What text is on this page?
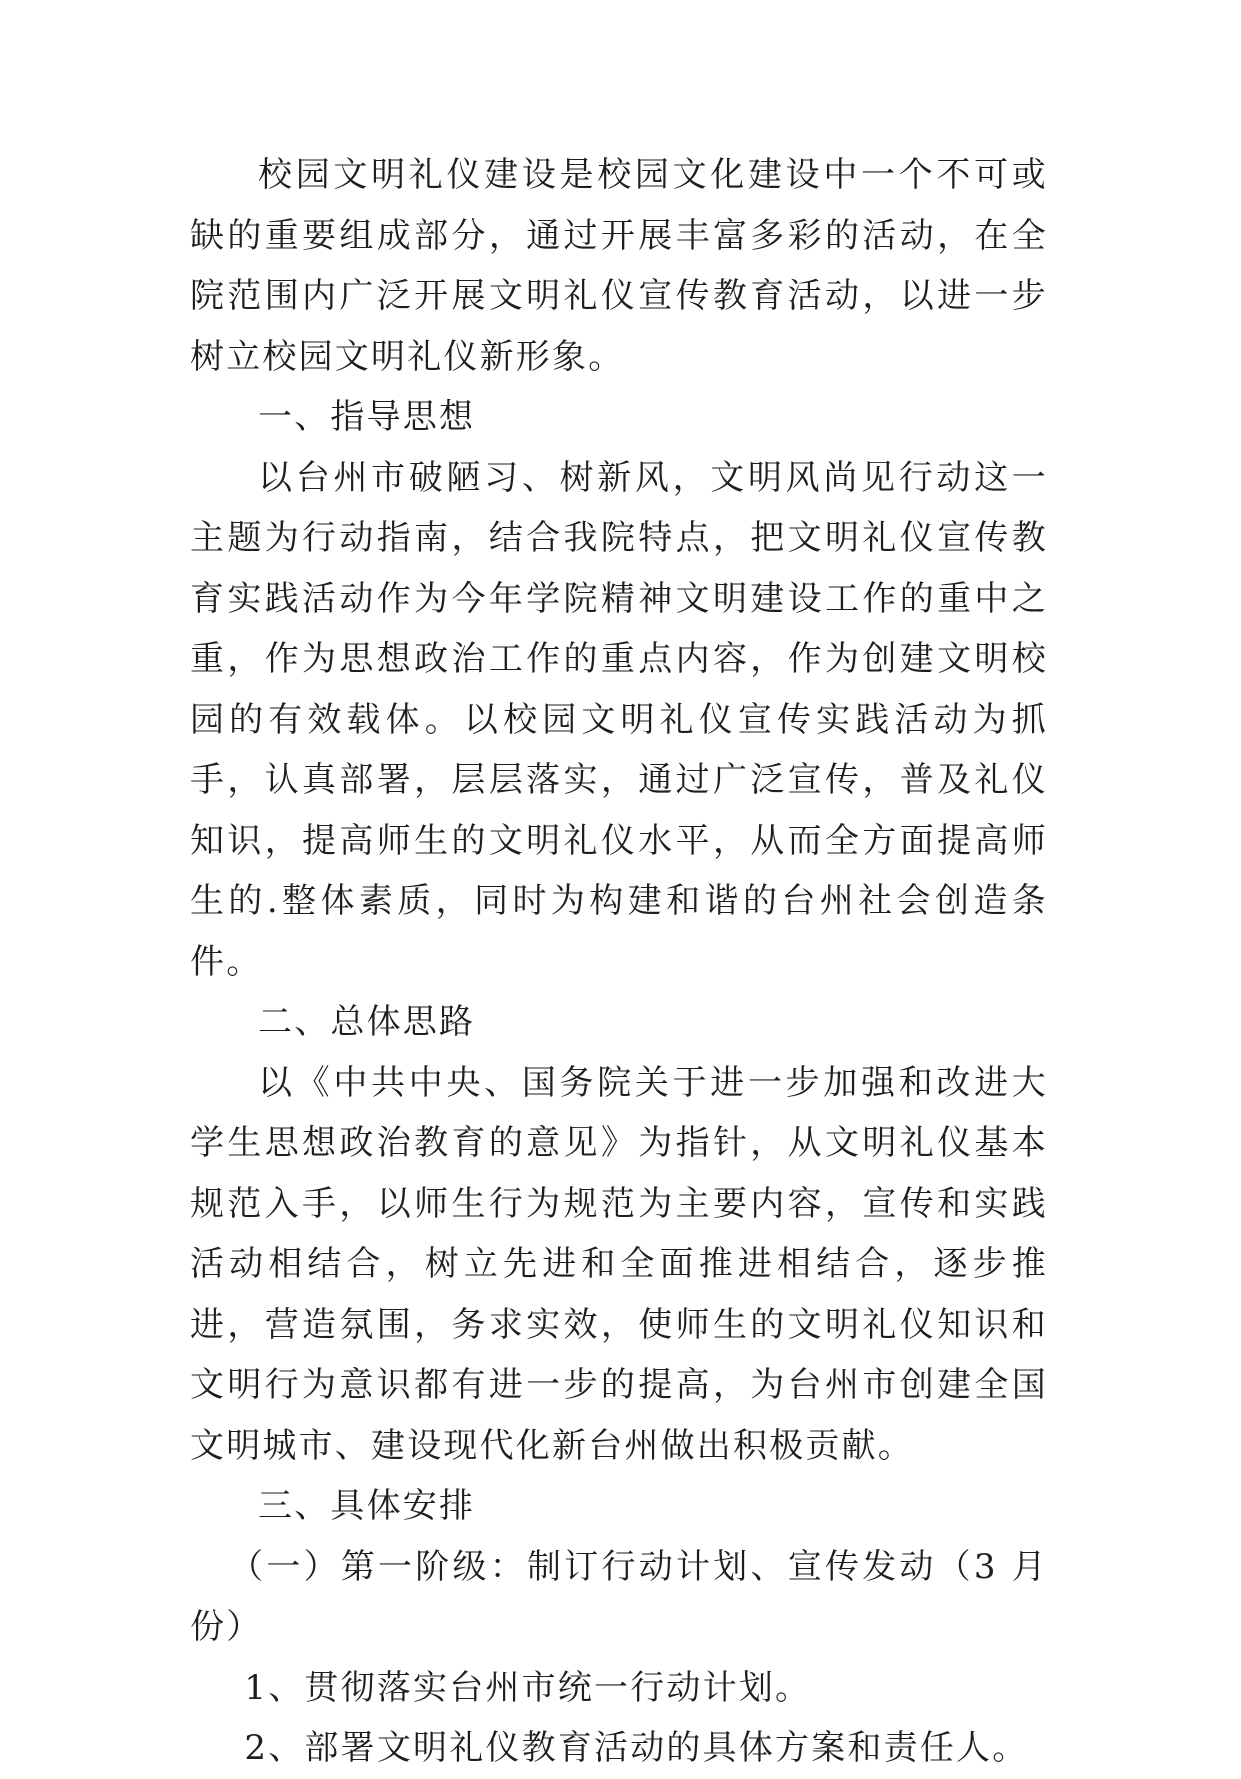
校园文明礼仪建设是校园文化建设中一个不可或缺的重要组成部分，通过开展丰富多彩的活动，在全院范围内广泛开展文明礼仪宣传教育活动，以进一步树立校园文明礼仪新形象。

一、指导思想

以台州市破陋习、树新风，文明风尚见行动这一主题为行动指南，结合我院特点，把文明礼仪宣传教育实践活动作为今年学院精神文明建设工作的重中之重，作为思想政治工作的重点内容，作为创建文明校园的有效载体。以校园文明礼仪宣传实践活动为抓手，认真部署，层层落实，通过广泛宣传，普及礼仪知识，提高师生的文明礼仪水平，从而全方面提高师生的.整体素质，同时为构建和谐的台州社会创造条件。

二、总体思路

以《中共中央、国务院关于进一步加强和改进大学生思想政治教育的意见》为指针，从文明礼仪基本规范入手，以师生行为规范为主要内容，宣传和实践活动相结合，树立先进和全面推进相结合，逐步推进，营造氛围，务求实效，使师生的文明礼仪知识和文明行为意识都有进一步的提高，为台州市创建全国文明城市、建设现代化新台州做出积极贡献。

三、具体安排

（一）第一阶级：制订行动计划、宣传发动（3 月份）

1、贯彻落实台州市统一行动计划。

2、部署文明礼仪教育活动的具体方案和责任人。
